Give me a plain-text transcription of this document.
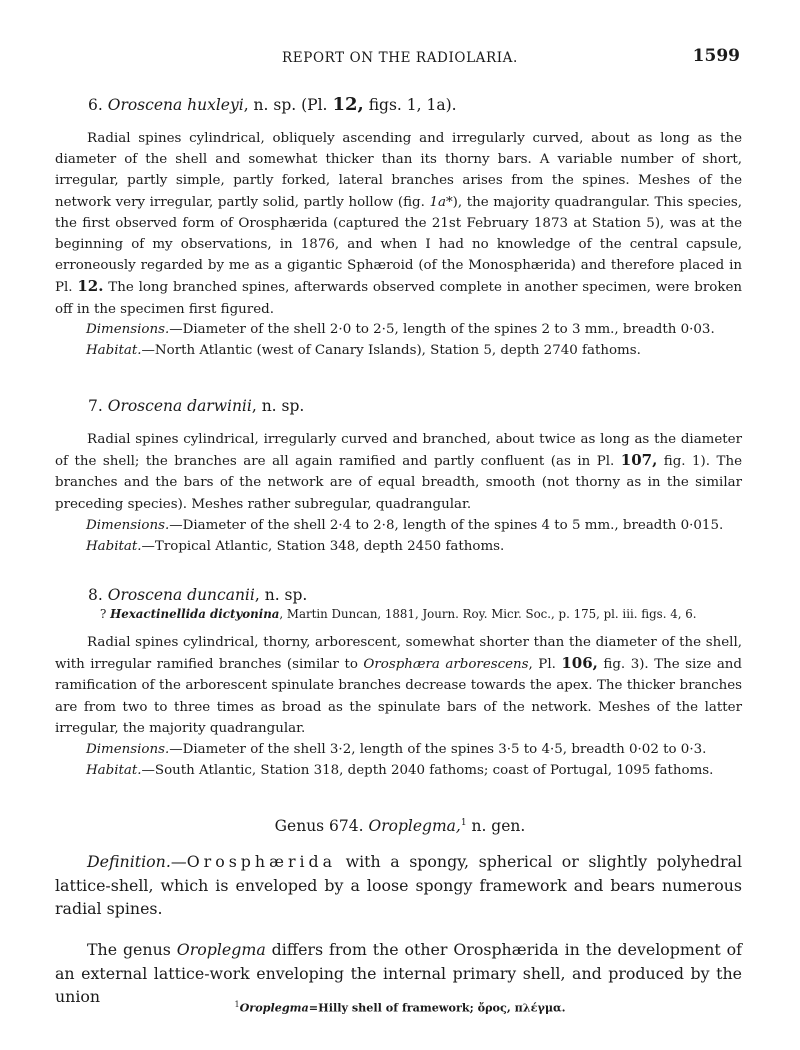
REPORT ON THE RADIOLARIA.	1599
6. Oroscena huxleyi, n. sp. (Pl. 12, figs. 1, 1a).
Radial spines cylindrical, obliquely ascending and irregularly curved, about as long as the diameter of the shell and somewhat thicker than its thorny bars. A variable number of short, irregular, partly simple, partly forked, lateral branches arises from the spines. Meshes of the network very irregular, partly solid, partly hollow (fig. 1a*), the majority quadrangular. This species, the first observed form of Orosphærida (captured the 21st February 1873 at Station 5), was at the beginning of my observations, in 1876, and when I had no knowledge of the central capsule, erroneously regarded by me as a gigantic Sphæroid (of the Monosphærida) and therefore placed in Pl. 12. The long branched spines, afterwards observed complete in another specimen, were broken off in the specimen first figured.
Dimensions.—Diameter of the shell 2·0 to 2·5, length of the spines 2 to 3 mm., breadth 0·03.
Habitat.—North Atlantic (west of Canary Islands), Station 5, depth 2740 fathoms.
7. Oroscena darwinii, n. sp.
Radial spines cylindrical, irregularly curved and branched, about twice as long as the diameter of the shell; the branches are all again ramified and partly confluent (as in Pl. 107, fig. 1). The branches and the bars of the network are of equal breadth, smooth (not thorny as in the similar preceding species). Meshes rather subregular, quadrangular.
Dimensions.—Diameter of the shell 2·4 to 2·8, length of the spines 4 to 5 mm., breadth 0·015.
Habitat.—Tropical Atlantic, Station 348, depth 2450 fathoms.
8. Oroscena duncanii, n. sp.
? Hexactinellida dictyonina, Martin Duncan, 1881, Journ. Roy. Micr. Soc., p. 175, pl. iii. figs. 4, 6.
Radial spines cylindrical, thorny, arborescent, somewhat shorter than the diameter of the shell, with irregular ramified branches (similar to Orosphæra arborescens, Pl. 106, fig. 3). The size and ramification of the arborescent spinulate branches decrease towards the apex. The thicker branches are from two to three times as broad as the spinulate bars of the network. Meshes of the latter irregular, the majority quadrangular.
Dimensions.—Diameter of the shell 3·2, length of the spines 3·5 to 4·5, breadth 0·02 to 0·3.
Habitat.—South Atlantic, Station 318, depth 2040 fathoms; coast of Portugal, 1095 fathoms.
Genus 674. Oroplegma,$^1$ n. gen.
Definition.—Orosphærida with a spongy, spherical or slightly polyhedral lattice-shell, which is enveloped by a loose spongy framework and bears numerous radial spines.
The genus Oroplegma differs from the other Orosphærida in the development of an external lattice-work enveloping the internal primary shell, and produced by the union	$^1$Oroplegma=Hilly shell of framework; ὄρος, πλέγμα.
